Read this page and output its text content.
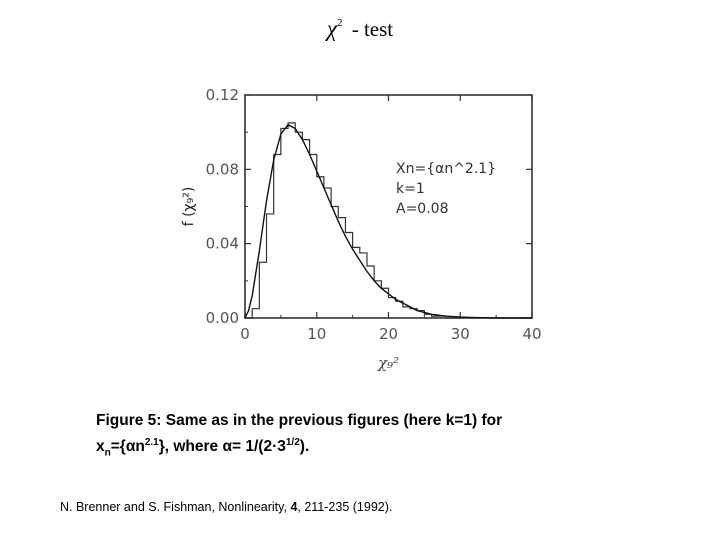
$\chi^2$ - test
0	10	20	30	40
0.00
0.04
0.08
0.12
Xn={αn^2.1}
k=1
A=0.08
f (χ₉²)
χ₉²
Figure 5: Same as in the previous figures (here k=1) for
$x_n=\{\alpha n^{2.1}\}$, where $\alpha= 1/(2\cdot 3^{1/2})$.
N. Brenner and S. Fishman, Nonlinearity, 4, 211-235 (1992).
